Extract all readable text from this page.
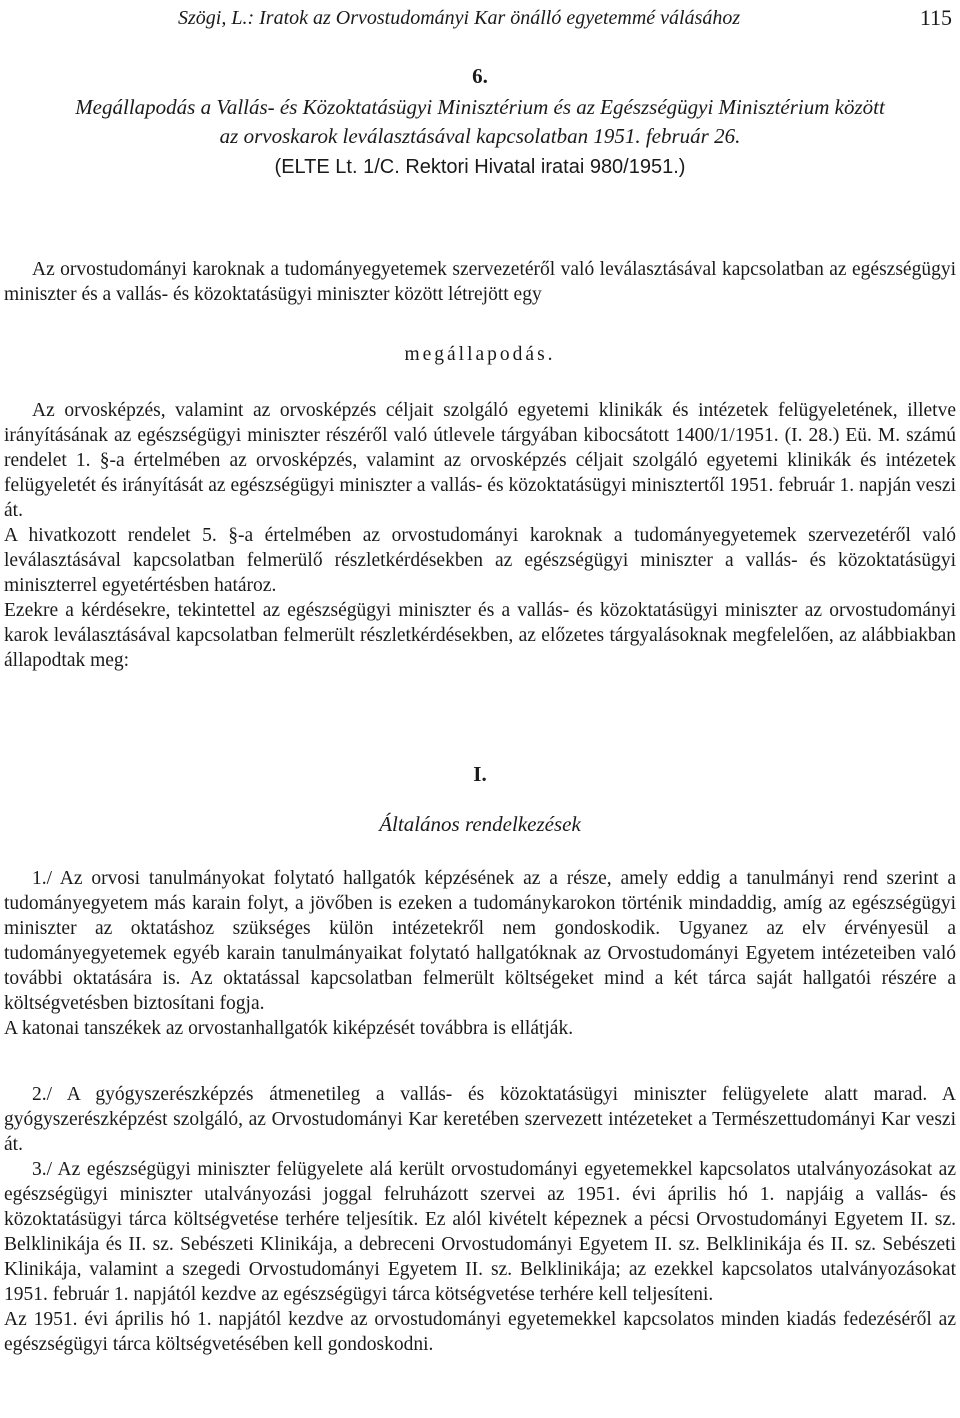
Szögi, L.: Iratok az Orvostudományi Kar önálló egyetemmé válásához	115
6.
Megállapodás a Vallás- és Közoktatásügyi Minisztérium és az Egészségügyi Minisztérium között
az orvoskarok leválasztásával kapcsolatban 1951. február 26.
(ELTE Lt. 1/C. Rektori Hivatal iratai 980/1951.)

Az orvostudományi karoknak a tudományegyetemek szervezetéről való leválasztásával kapcsolatban az egészségügyi miniszter és a vallás- és közoktatásügyi miniszter között létrejött egy

megállapodás.

Az orvosképzés, valamint az orvosképzés céljait szolgáló egyetemi klinikák és intézetek felügyeletének, illetve irányításának az egészségügyi miniszter részéről való útlevele tárgyában kibocsátott 1400/1/1951. (I. 28.) Eü. M. számú rendelet 1. §-a értelmében az orvosképzés, valamint az orvosképzés céljait szolgáló egyetemi klinikák és intézetek felügyeletét és irányítását az egészségügyi miniszter a vallás- és közoktatásügyi minisztertől 1951. február 1. napján veszi át.

A hivatkozott rendelet 5. §-a értelmében az orvostudományi karoknak a tudományegyetemek szervezetéről való leválasztásával kapcsolatban felmerülő részletkérdésekben az egészségügyi miniszter a vallás- és közoktatásügyi miniszterrel egyetértésben határoz.

Ezekre a kérdésekre, tekintettel az egészségügyi miniszter és a vallás- és közoktatásügyi miniszter az orvostudományi karok leválasztásával kapcsolatban felmerült részletkérdésekben, az előzetes tárgyalásoknak megfelelően, az alábbiakban állapodtak meg:

I.
Általános rendelkezések

1./ Az orvosi tanulmányokat folytató hallgatók képzésének az a része, amely eddig a tanulmányi rend szerint a tudományegyetem más karain folyt, a jövőben is ezeken a tudománykarokon történik mindaddig, amíg az egészségügyi miniszter az oktatáshoz szükséges külön intézetekről nem gondoskodik. Ugyanez az elv érvényesül a tudományegyetemek egyéb karain tanulmányaikat folytató hallgatóknak az Orvostudományi Egyetem intézeteiben való további oktatására is. Az oktatással kapcsolatban felmerült költségeket mind a két tárca saját hallgatói részére a költségvetésben biztosítani fogja.

A katonai tanszékek az orvostanhallgatók kiképzését továbbra is ellátják.

2./ A gyógyszerészképzés átmenetileg a vallás- és közoktatásügyi miniszter felügyelete alatt marad. A gyógyszerészképzést szolgáló, az Orvostudományi Kar keretében szervezett intézeteket a Természettudományi Kar veszi át.

3./ Az egészségügyi miniszter felügyelete alá került orvostudományi egyetemekkel kapcsolatos utalványozásokat az egészségügyi miniszter utalványozási joggal felruházott szervei az 1951. évi április hó 1. napjáig a vallás- és közoktatásügyi tárca költségvetése terhére teljesítik. Ez alól kivételt képeznek a pécsi Orvostudományi Egyetem II. sz. Belklinikája és II. sz. Sebészeti Klinikája, a debreceni Orvostudományi Egyetem II. sz. Belklinikája és II. sz. Sebészeti Klinikája, valamint a szegedi Orvostudományi Egyetem II. sz. Belklinikája; az ezekkel kapcsolatos utalványozásokat 1951. február 1. napjától kezdve az egészségügyi tárca kötségvetése terhére kell teljesíteni.

Az 1951. évi április hó 1. napjától kezdve az orvostudományi egyetemekkel kapcsolatos minden kiadás fedezéséről az egészségügyi tárca költségvetésében kell gondoskodni.
